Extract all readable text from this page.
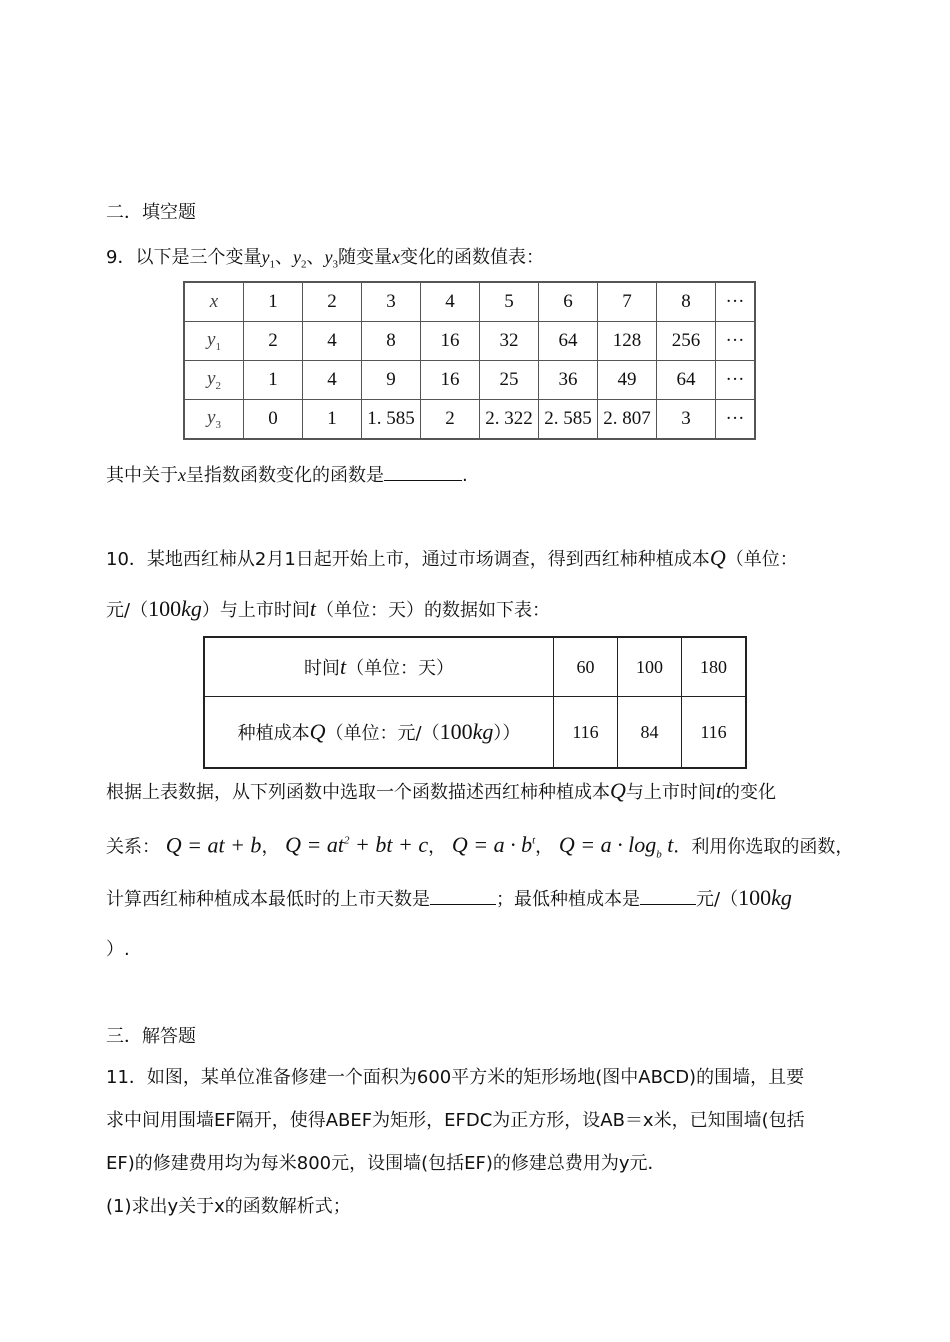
二．填空题
9．以下是三个变量$y_1$、$y_2$、$y_3$随变量x变化的函数值表：
x	1	2	3	4	5	6	7	8	···
$y_1$	2	4	8	16	32	64	128	256	···
$y_2$	1	4	9	16	25	36	49	64	···
$y_3$	0	1	1. 585	2	2. 322	2. 585	2. 807	3	···
其中关于x呈指数函数变化的函数是	.
10．某地西红柿从2月1日起开始上市，通过市场调查，得到西红柿种植成本Q（单位：
元/（100kg）与上市时间t（单位：天）的数据如下表：
时间t（单位：天）	60	100	180
种植成本Q（单位：元/（100kg））	116	84	116
根据上表数据，从下列函数中选取一个函数描述西红柿种植成本Q与上市时间t的变化
关系： Q = at + b， $Q = at^2$ + bt + c， $Q = a \cdot b^t$， $Q = a \cdot \log_b t$．利用你选取的函数，
计算西红柿种植成本最低时的上市天数是	；最低种植成本是	元/（100kg
）.
三．解答题
11．如图，某单位准备修建一个面积为600平方米的矩形场地(图中ABCD)的围墙，且要
求中间用围墙EF隔开，使得ABEF为矩形，EFDC为正方形，设AB＝x米，已知围墙(包括
EF)的修建费用均为每米800元，设围墙(包括EF)的修建总费用为y元．
(1)求出y关于x的函数解析式；
